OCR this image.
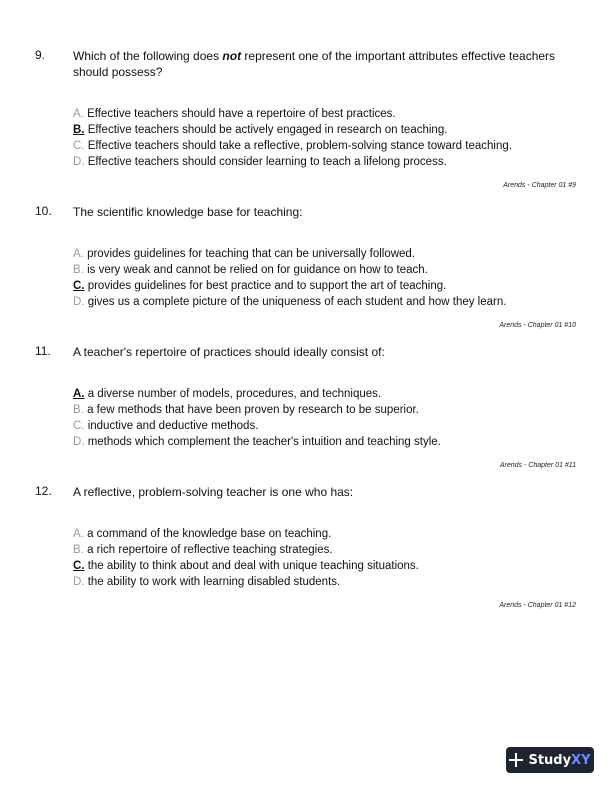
9. Which of the following does not represent one of the important attributes effective teachers should possess?
A. Effective teachers should have a repertoire of best practices.
B. Effective teachers should be actively engaged in research on teaching.
C. Effective teachers should take a reflective, problem-solving stance toward teaching.
D. Effective teachers should consider learning to teach a lifelong process.
Arends - Chapter 01 #9
10. The scientific knowledge base for teaching:
A. provides guidelines for teaching that can be universally followed.
B. is very weak and cannot be relied on for guidance on how to teach.
C. provides guidelines for best practice and to support the art of teaching.
D. gives us a complete picture of the uniqueness of each student and how they learn.
Arends - Chapter 01 #10
11. A teacher's repertoire of practices should ideally consist of:
A. a diverse number of models, procedures, and techniques.
B. a few methods that have been proven by research to be superior.
C. inductive and deductive methods.
D. methods which complement the teacher's intuition and teaching style.
Arends - Chapter 01 #11
12. A reflective, problem-solving teacher is one who has:
A. a command of the knowledge base on teaching.
B. a rich repertoire of reflective teaching strategies.
C. the ability to think about and deal with unique teaching situations.
D. the ability to work with learning disabled students.
Arends - Chapter 01 #12
Study XY
